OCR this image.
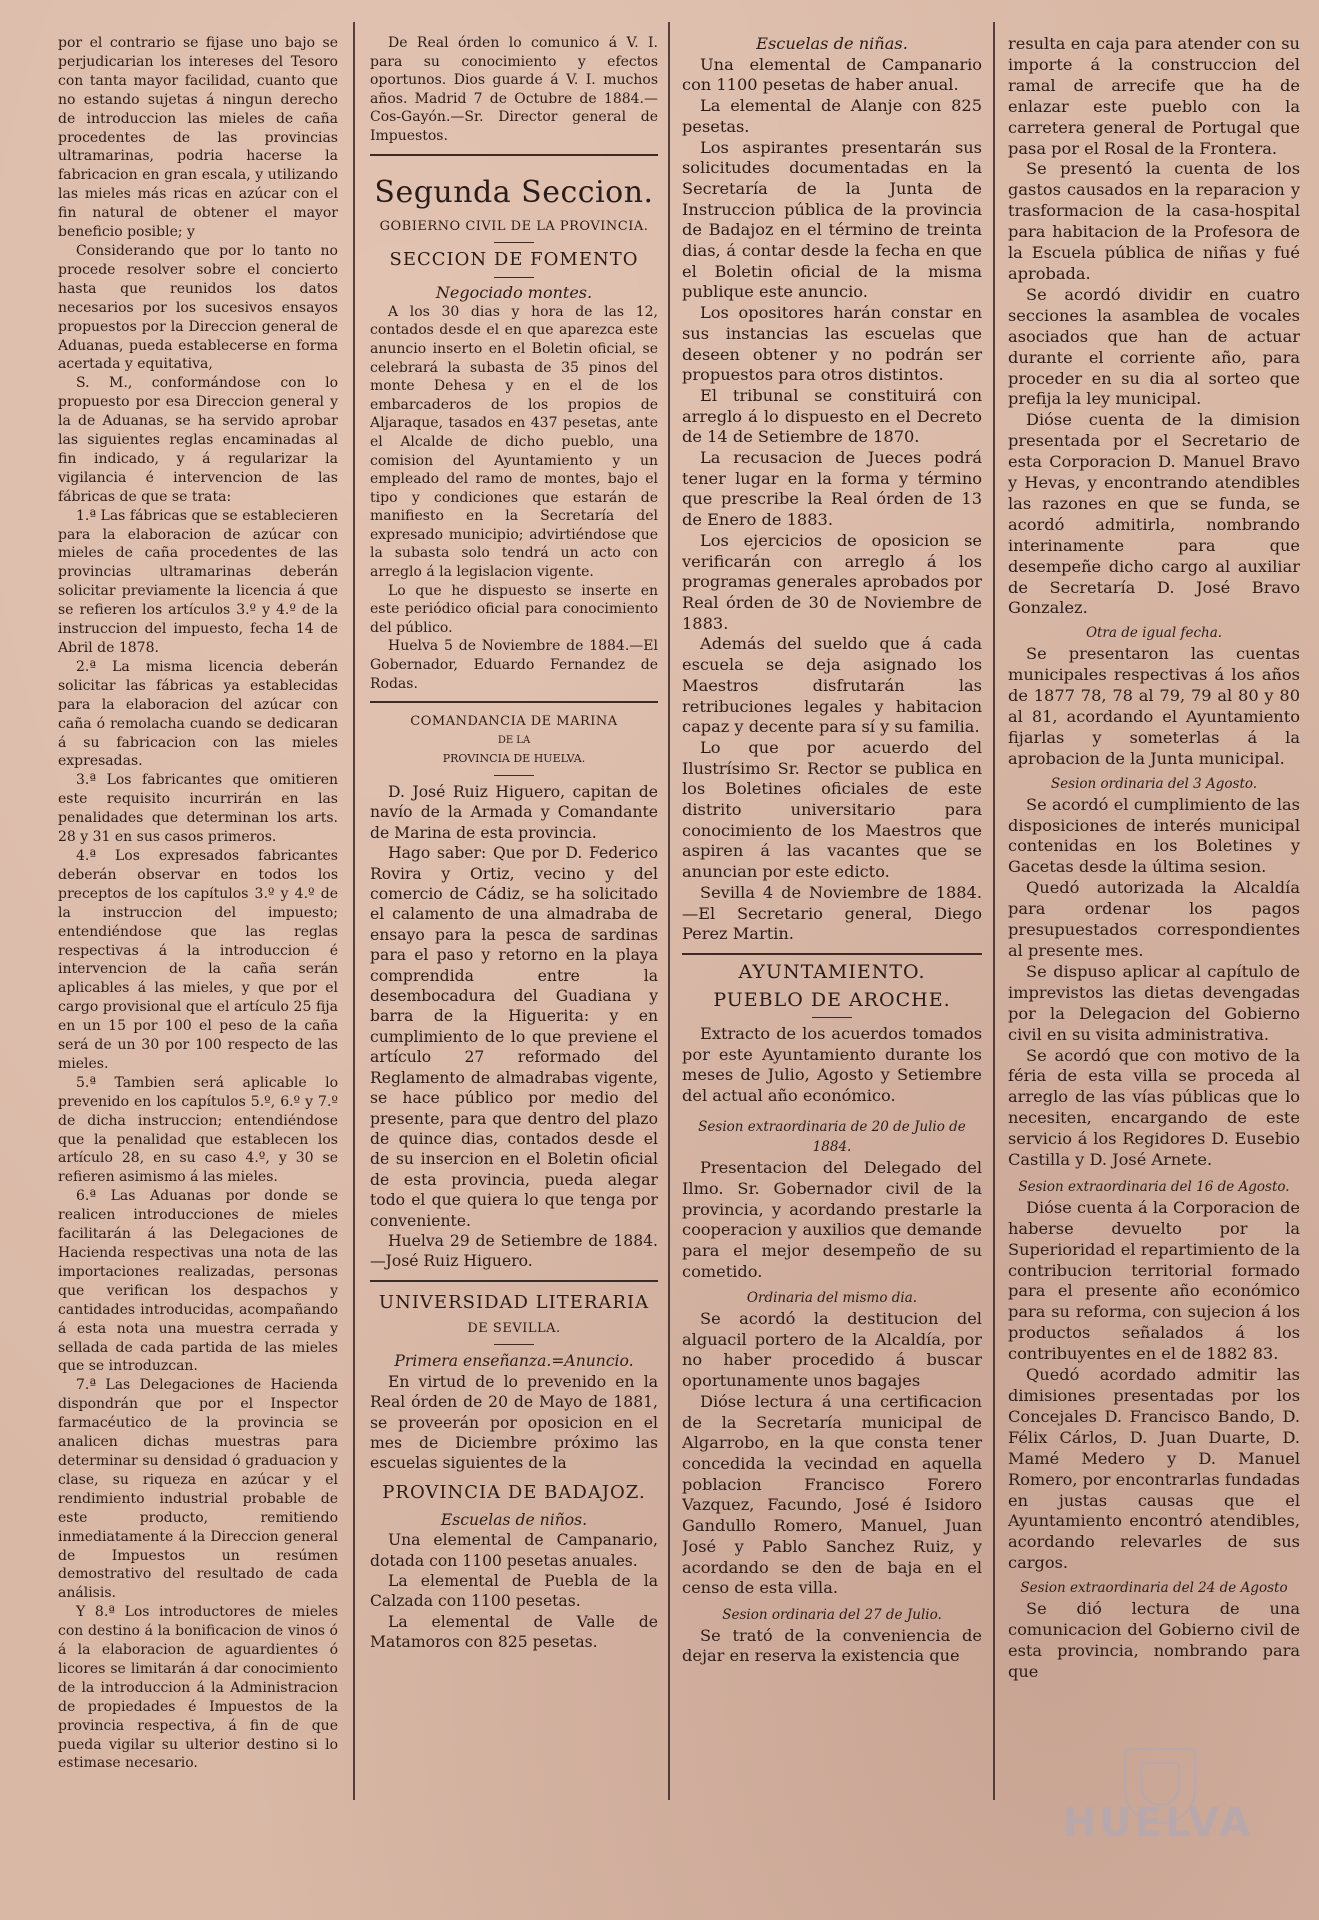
por el contrario se fijase uno bajo se perjudicarian los intereses del Tesoro con tanta mayor facilidad, cuanto que no estando sujetas á ningun derecho de introduccion las mieles de caña procedentes de las provincias ultramarinas, podria hacerse la fabricacion en gran escala, y utilizando las mieles más ricas en azúcar con el fin natural de obtener el mayor beneficio posible; y

Considerando que por lo tanto no procede resolver sobre el concierto hasta que reunidos los datos necesarios por los sucesivos ensayos propuestos por la Direccion general de Aduanas, pueda establecerse en forma acertada y equitativa,

S. M., conformándose con lo propuesto por esa Direccion general y la de Aduanas, se ha servido aprobar las siguientes reglas encaminadas al fin indicado, y á regularizar la vigilancia é intervencion de las fábricas de que se trata:

1.ª Las fábricas que se establecieren para la elaboracion de azúcar con mieles de caña procedentes de las provincias ultramarinas deberán solicitar previamente la licencia á que se refieren los artículos 3.º y 4.º de la instruccion del impuesto, fecha 14 de Abril de 1878.

2.ª La misma licencia deberán solicitar las fábricas ya establecidas para la elaboracion del azúcar con caña ó remolacha cuando se dedicaran á su fabricacion con las mieles expresadas.

3.ª Los fabricantes que omitieren este requisito incurrirán en las penalidades que determinan los arts. 28 y 31 en sus casos primeros.

4.ª Los expresados fabricantes deberán observar en todos los preceptos de los capítulos 3.º y 4.º de la instruccion del impuesto; entendiéndose que las reglas respectivas á la introduccion é intervencion de la caña serán aplicables á las mieles, y que por el cargo provisional que el artículo 25 fija en un 15 por 100 el peso de la caña será de un 30 por 100 respecto de las mieles.

5.ª Tambien será aplicable lo prevenido en los capítulos 5.º, 6.º y 7.º de dicha instruccion; entendiéndose que la penalidad que establecen los artículo 28, en su caso 4.º, y 30 se refieren asimismo á las mieles.

6.ª Las Aduanas por donde se realicen introducciones de mieles facilitarán á las Delegaciones de Hacienda respectivas una nota de las importaciones realizadas, personas que verifican los despachos y cantidades introducidas, acompañando á esta nota una muestra cerrada y sellada de cada partida de las mieles que se introduzcan.

7.ª Las Delegaciones de Hacienda dispondrán que por el Inspector farmacéutico de la provincia se analicen dichas muestras para determinar su densidad ó graduacion y clase, su riqueza en azúcar y el rendimiento industrial probable de este producto, remitiendo inmediatamente á la Direccion general de Impuestos un resúmen demostrativo del resultado de cada análisis.

Y 8.ª Los introductores de mieles con destino á la bonificacion de vinos ó á la elaboracion de aguardientes ó licores se limitarán á dar conocimiento de la introduccion á la Administracion de propiedades é Impuestos de la provincia respectiva, á fin de que pueda vigilar su ulterior destino si lo estimase necesario.

De Real órden lo comunico á V. I. para su conocimiento y efectos oportunos. Dios guarde á V. I. muchos años. Madrid 7 de Octubre de 1884.—Cos-Gayón.—Sr. Director general de Impuestos.

Segunda Seccion.

GOBIERNO CIVIL DE LA PROVINCIA.

SECCION DE FOMENTO

Negociado montes.

A los 30 dias y hora de las 12, contados desde el en que aparezca este anuncio inserto en el Boletin oficial, se celebrará la subasta de 35 pinos del monte Dehesa y en el de los embarcaderos de los propios de Aljaraque, tasados en 437 pesetas, ante el Alcalde de dicho pueblo, una comision del Ayuntamiento y un empleado del ramo de montes, bajo el tipo y condiciones que estarán de manifiesto en la Secretaría del expresado municipio; advirtiéndose que la subasta solo tendrá un acto con arreglo á la legislacion vigente.

Lo que he dispuesto se inserte en este periódico oficial para conocimiento del público.

Huelva 5 de Noviembre de 1884.—El Gobernador, Eduardo Fernandez de Rodas.

COMANDANCIA DE MARINA

DE LA

PROVINCIA DE HUELVA.

D. José Ruiz Higuero, capitan de navío de la Armada y Comandante de Marina de esta provincia.

Hago saber: Que por D. Federico Rovira y Ortiz, vecino y del comercio de Cádiz, se ha solicitado el calamento de una almadraba de ensayo para la pesca de sardinas para el paso y retorno en la playa comprendida entre la desembocadura del Guadiana y barra de la Higuerita: y en cumplimiento de lo que previene el artículo 27 reformado del Reglamento de almadrabas vigente, se hace público por medio del presente, para que dentro del plazo de quince dias, contados desde el de su insercion en el Boletin oficial de esta provincia, pueda alegar todo el que quiera lo que tenga por conveniente.

Huelva 29 de Setiembre de 1884.—José Ruiz Higuero.

UNIVERSIDAD LITERARIA

DE SEVILLA.

Primera enseñanza.=Anuncio.

En virtud de lo prevenido en la Real órden de 20 de Mayo de 1881, se proveerán por oposicion en el mes de Diciembre próximo las escuelas siguientes de la

PROVINCIA DE BADAJOZ.

Escuelas de niños.

Una elemental de Campanario, dotada con 1100 pesetas anuales.

La elemental de Puebla de la Calzada con 1100 pesetas.

La elemental de Valle de Matamoros con 825 pesetas.

Escuelas de niñas.

Una elemental de Campanario con 1100 pesetas de haber anual.

La elemental de Alanje con 825 pesetas.

Los aspirantes presentarán sus solicitudes documentadas en la Secretaría de la Junta de Instruccion pública de la provincia de Badajoz en el término de treinta dias, á contar desde la fecha en que el Boletin oficial de la misma publique este anuncio.

Los opositores harán constar en sus instancias las escuelas que deseen obtener y no podrán ser propuestos para otros distintos.

El tribunal se constituirá con arreglo á lo dispuesto en el Decreto de 14 de Setiembre de 1870.

La recusacion de Jueces podrá tener lugar en la forma y término que prescribe la Real órden de 13 de Enero de 1883.

Los ejercicios de oposicion se verificarán con arreglo á los programas generales aprobados por Real órden de 30 de Noviembre de 1883.

Además del sueldo que á cada escuela se deja asignado los Maestros disfrutarán las retribuciones legales y habitacion capaz y decente para sí y su familia.

Lo que por acuerdo del Ilustrísimo Sr. Rector se publica en los Boletines oficiales de este distrito universitario para conocimiento de los Maestros que aspiren á las vacantes que se anuncian por este edicto.

Sevilla 4 de Noviembre de 1884.—El Secretario general, Diego Perez Martin.

AYUNTAMIENTO.
PUEBLO DE AROCHE.

Extracto de los acuerdos tomados por este Ayuntamiento durante los meses de Julio, Agosto y Setiembre del actual año económico.

Sesion extraordinaria de 20 de Julio de 1884.

Presentacion del Delegado del Ilmo. Sr. Gobernador civil de la provincia, y acordando prestarle la cooperacion y auxilios que demande para el mejor desempeño de su cometido.

Ordinaria del mismo dia.

Se acordó la destitucion del alguacil portero de la Alcaldía, por no haber procedido á buscar oportunamente unos bagajes

Dióse lectura á una certificacion de la Secretaría municipal de Algarrobo, en la que consta tener concedida la vecindad en aquella poblacion Francisco Forero Vazquez, Facundo, José é Isidoro Gandullo Romero, Manuel, Juan José y Pablo Sanchez Ruiz, y acordando se den de baja en el censo de esta villa.

Sesion ordinaria del 27 de Julio.

Se trató de la conveniencia de dejar en reserva la existencia que

resulta en caja para atender con su importe á la construccion del ramal de arrecife que ha de enlazar este pueblo con la carretera general de Portugal que pasa por el Rosal de la Frontera.

Se presentó la cuenta de los gastos causados en la reparacion y trasformacion de la casa-hospital para habitacion de la Profesora de la Escuela pública de niñas y fué aprobada.

Se acordó dividir en cuatro secciones la asamblea de vocales asociados que han de actuar durante el corriente año, para proceder en su dia al sorteo que prefija la ley municipal.

Dióse cuenta de la dimision presentada por el Secretario de esta Corporacion D. Manuel Bravo y Hevas, y encontrando atendibles las razones en que se funda, se acordó admitirla, nombrando interinamente para que desempeñe dicho cargo al auxiliar de Secretaría D. José Bravo Gonzalez.

Otra de igual fecha.

Se presentaron las cuentas municipales respectivas á los años de 1877 78, 78 al 79, 79 al 80 y 80 al 81, acordando el Ayuntamiento fijarlas y someterlas á la aprobacion de la Junta municipal.

Sesion ordinaria del 3 Agosto.

Se acordó el cumplimiento de las disposiciones de interés municipal contenidas en los Boletines y Gacetas desde la última sesion.

Quedó autorizada la Alcaldía para ordenar los pagos presupuestados correspondientes al presente mes.

Se dispuso aplicar al capítulo de imprevistos las dietas devengadas por la Delegacion del Gobierno civil en su visita administrativa.

Se acordó que con motivo de la féria de esta villa se proceda al arreglo de las vías públicas que lo necesiten, encargando de este servicio á los Regidores D. Eusebio Castilla y D. José Arnete.

Sesion extraordinaria del 16 de Agosto.

Dióse cuenta á la Corporacion de haberse devuelto por la Superioridad el repartimiento de la contribucion territorial formado para el presente año económico para su reforma, con sujecion á los productos señalados á los contribuyentes en el de 1882 83.

Quedó acordado admitir las dimisiones presentadas por los Concejales D. Francisco Bando, D. Félix Cárlos, D. Juan Duarte, D. Mamé Medero y D. Manuel Romero, por encontrarlas fundadas en justas causas que el Ayuntamiento encontró atendibles, acordando relevarles de sus cargos.

Sesion extraordinaria del 24 de Agosto

Se dió lectura de una comunicacion del Gobierno civil de esta provincia, nombrando para que

HUELVA
